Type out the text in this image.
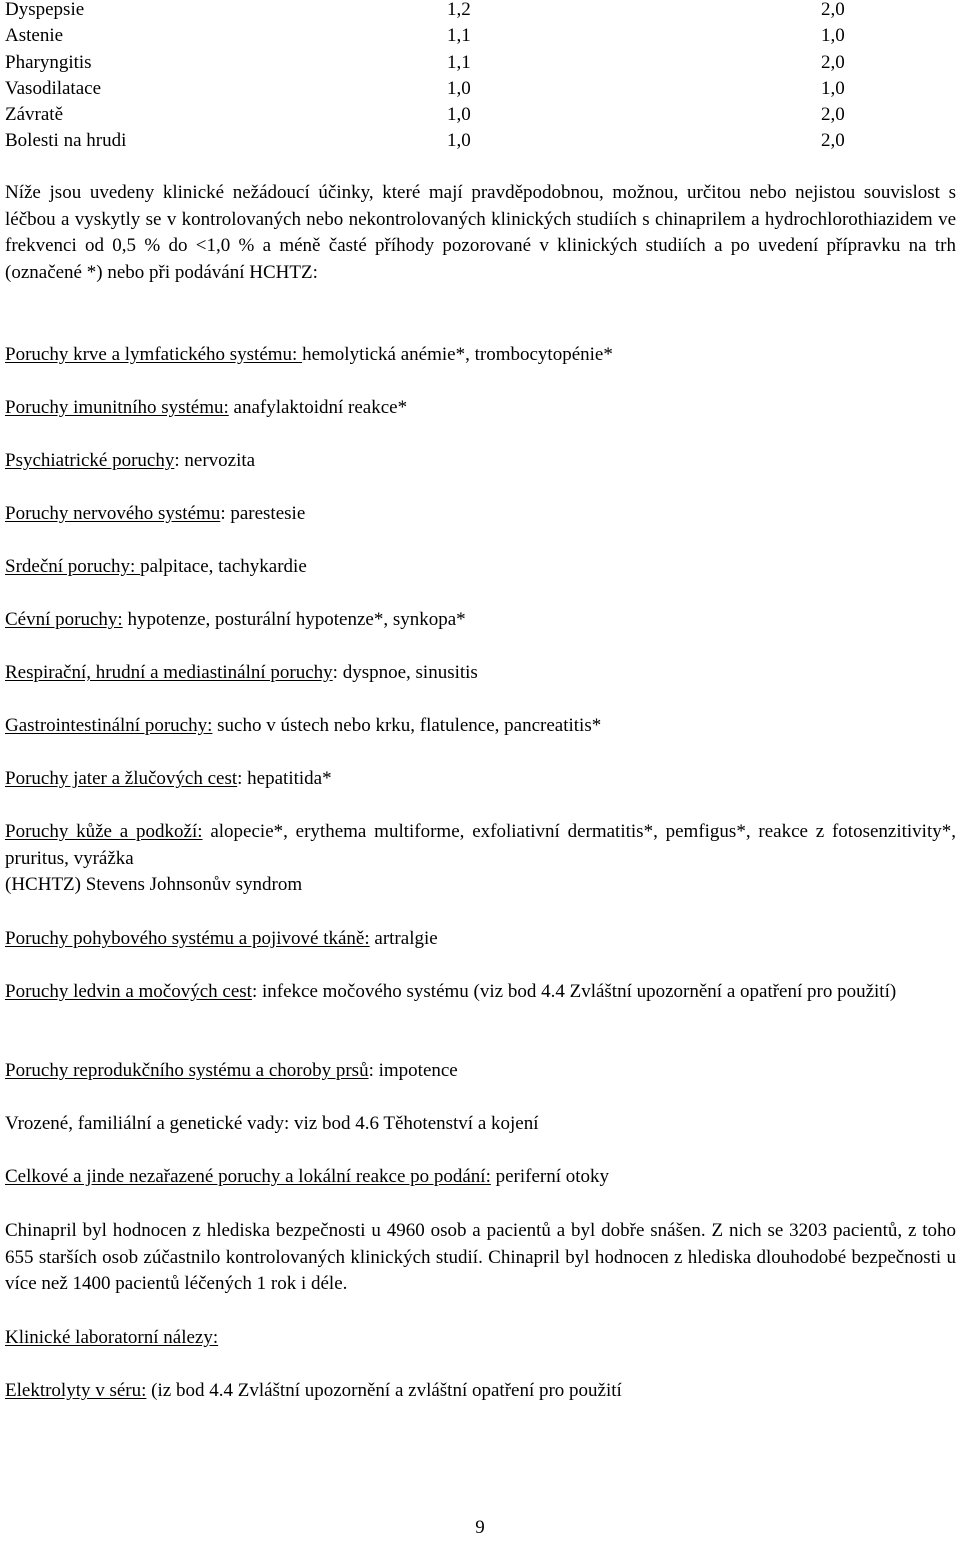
Dyspepsie	1,2	2,0
Astenie	1,1	1,0
Pharyngitis	1,1	2,0
Vasodilatace	1,0	1,0
Závratě	1,0	2,0
Bolesti na hrudi	1,0	2,0
Níže jsou uvedeny klinické nežádoucí účinky, které mají pravděpodobnou, možnou, určitou nebo nejistou souvislost s léčbou a vyskytly se v kontrolovaných nebo nekontrolovaných klinických studiích s chinaprilem a hydrochlorothiazidem ve frekvenci od 0,5 % do <1,0 % a méně časté příhody pozorované v klinických studiích a po uvedení přípravku na trh (označené *) nebo při podávání HCHTZ:
Poruchy krve a lymfatického systému: hemolytická anémie*, trombocytopénie*
Poruchy imunitního systému: anafylaktoidní reakce*
Psychiatrické poruchy: nervozita
Poruchy nervového systému: parestesie
Srdeční poruchy: palpitace, tachykardie
Cévní poruchy: hypotenze, posturální hypotenze*, synkopa*
Respirační, hrudní a mediastinální poruchy: dyspnoe, sinusitis
Gastrointestinální poruchy: sucho v ústech nebo krku, flatulence, pancreatitis*
Poruchy jater a žlučových cest: hepatitida*
Poruchy kůže a podkoží: alopecie*, erythema multiforme, exfoliativní dermatitis*, pemfigus*, reakce z fotosenzitivity*, pruritus, vyrážka
(HCHTZ) Stevens Johnsonův syndrom
Poruchy pohybového systému a pojivové tkáně: artralgie
Poruchy ledvin a močových cest: infekce močového systému (viz bod 4.4 Zvláštní upozornění a opatření pro použití)
Poruchy reprodukčního systému a choroby prsů: impotence
Vrozené, familiální a genetické vady: viz bod 4.6 Těhotenství a kojení
Celkové a jinde nezařazené poruchy a lokální reakce po podání: periferní otoky
Chinapril byl hodnocen z hlediska bezpečnosti u 4960 osob a pacientů a byl dobře snášen. Z nich se 3203 pacientů, z toho 655 starších osob zúčastnilo kontrolovaných klinických studií. Chinapril byl hodnocen z hlediska dlouhodobé bezpečnosti u více než 1400 pacientů léčených 1 rok i déle.
Klinické laboratorní nálezy:
Elektrolyty v séru: (iz bod 4.4 Zvláštní upozornění a zvláštní opatření pro použití
9
